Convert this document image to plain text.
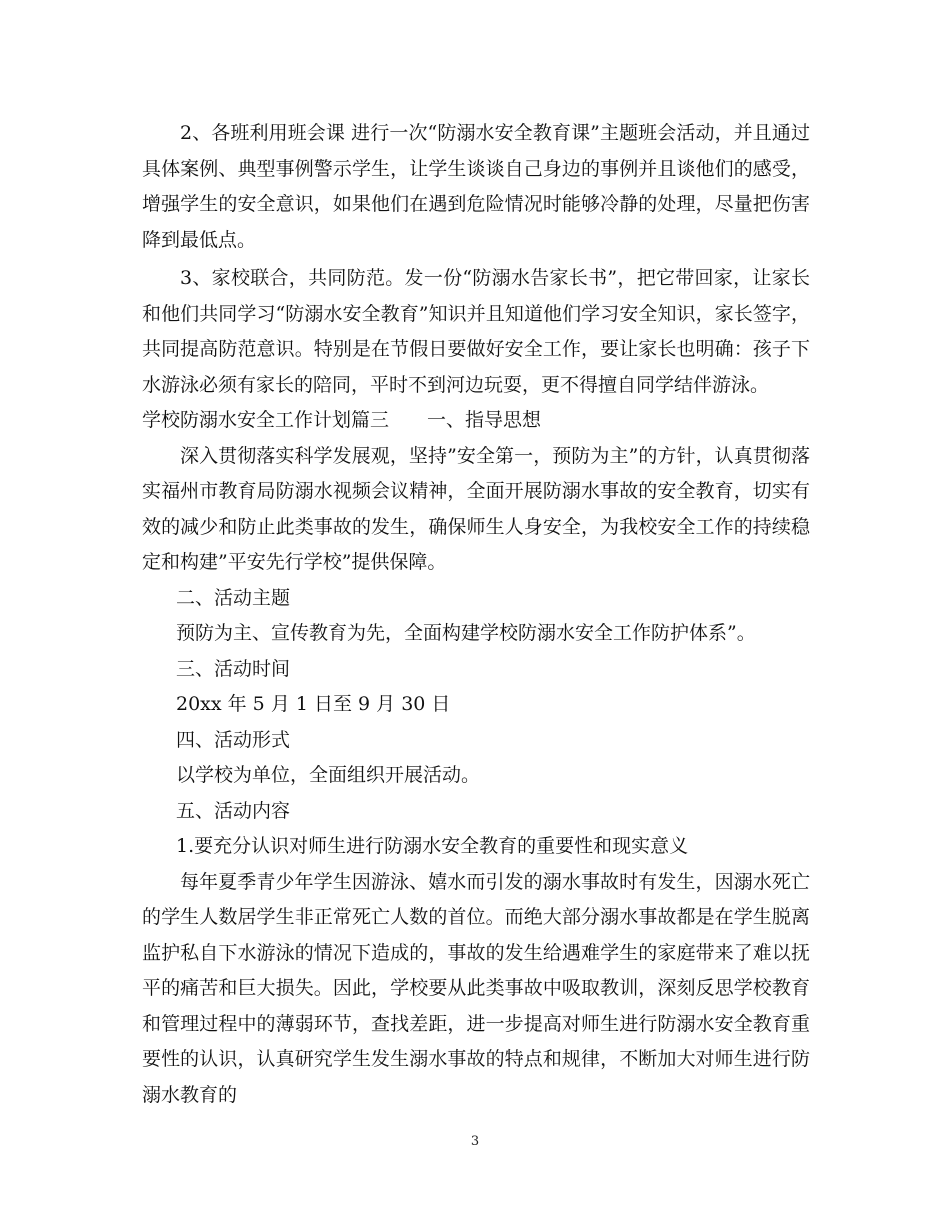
2、各班利用班会课 进行一次“防溺水安全教育课”主题班会活动，并且通过具体案例、典型事例警示学生，让学生谈谈自己身边的事例并且谈他们的感受，增强学生的安全意识，如果他们在遇到危险情况时能够冷静的处理，尽量把伤害降到最低点。

3、家校联合，共同防范。发一份“防溺水告家长书”，把它带回家，让家长和他们共同学习“防溺水安全教育”知识并且知道他们学习安全知识，家长签字，共同提高防范意识。特别是在节假日要做好安全工作，要让家长也明确：孩子下水游泳必须有家长的陪同，平时不到河边玩耍，更不得擅自同学结伴游泳。

学校防溺水安全工作计划篇三　　一、指导思想

深入贯彻落实科学发展观，坚持”安全第一，预防为主”的方针，认真贯彻落实福州市教育局防溺水视频会议精神，全面开展防溺水事故的安全教育，切实有效的减少和防止此类事故的发生，确保师生人身安全，为我校安全工作的持续稳定和构建”平安先行学校”提供保障。

二、活动主题

预防为主、宣传教育为先，全面构建学校防溺水安全工作防护体系”。

三、活动时间

20xx 年 5 月 1 日至 9 月 30 日

四、活动形式

以学校为单位，全面组织开展活动。

五、活动内容

1.要充分认识对师生进行防溺水安全教育的重要性和现实意义

每年夏季青少年学生因游泳、嬉水而引发的溺水事故时有发生，因溺水死亡的学生人数居学生非正常死亡人数的首位。而绝大部分溺水事故都是在学生脱离监护私自下水游泳的情况下造成的，事故的发生给遇难学生的家庭带来了难以抚平的痛苦和巨大损失。因此，学校要从此类事故中吸取教训，深刻反思学校教育和管理过程中的薄弱环节，查找差距，进一步提高对师生进行防溺水安全教育重要性的认识，认真研究学生发生溺水事故的特点和规律，不断加大对师生进行防溺水教育的

3
